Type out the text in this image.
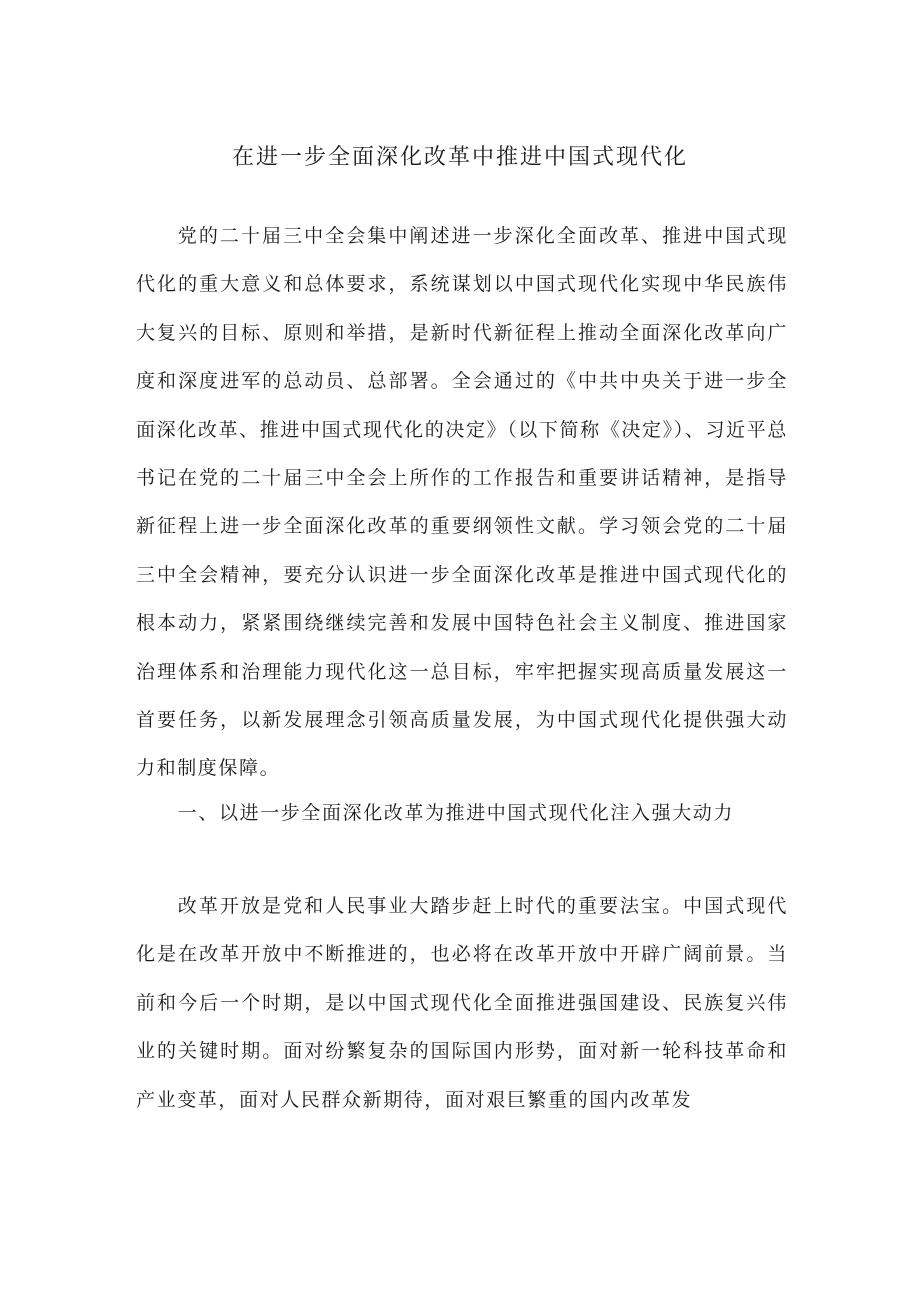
在进一步全面深化改革中推进中国式现代化

党的二十届三中全会集中阐述进一步深化全面改革、推进中国式现代化的重大意义和总体要求，系统谋划以中国式现代化实现中华民族伟大复兴的目标、原则和举措，是新时代新征程上推动全面深化改革向广度和深度进军的总动员、总部署。全会通过的《中共中央关于进一步全面深化改革、推进中国式现代化的决定》（以下简称《决定》）、习近平总书记在党的二十届三中全会上所作的工作报告和重要讲话精神，是指导新征程上进一步全面深化改革的重要纲领性文献。学习领会党的二十届三中全会精神，要充分认识进一步全面深化改革是推进中国式现代化的根本动力，紧紧围绕继续完善和发展中国特色社会主义制度、推进国家治理体系和治理能力现代化这一总目标，牢牢把握实现高质量发展这一首要任务，以新发展理念引领高质量发展，为中国式现代化提供强大动力和制度保障。

一、以进一步全面深化改革为推进中国式现代化注入强大动力

改革开放是党和人民事业大踏步赶上时代的重要法宝。中国式现代化是在改革开放中不断推进的，也必将在改革开放中开辟广阔前景。当前和今后一个时期，是以中国式现代化全面推进强国建设、民族复兴伟业的关键时期。面对纷繁复杂的国际国内形势，面对新一轮科技革命和产业变革，面对人民群众新期待，面对艰巨繁重的国内改革发
